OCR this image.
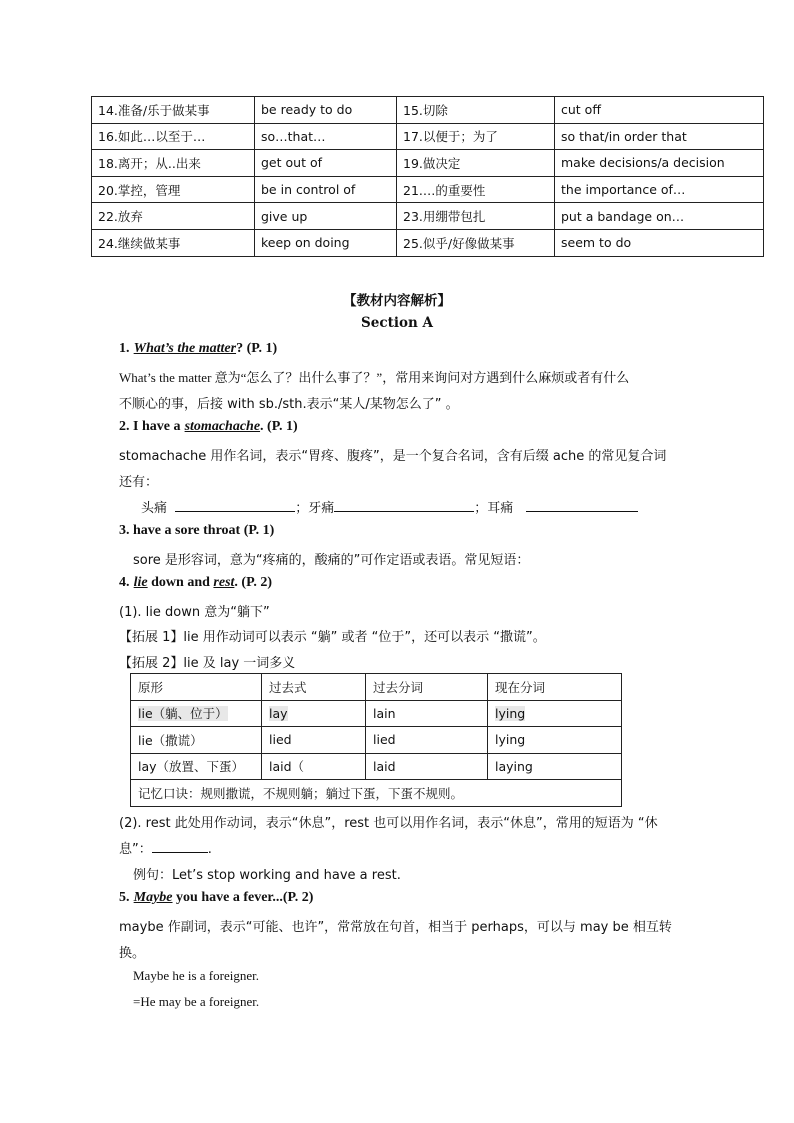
14.准备/乐于做某事	be ready to do	15.切除	cut off
16.如此…以至于…	so…that…	17.以便于；为了	so that/in order that
18.离开；从..出来	get out of	19.做决定	make decisions/a decision
20.掌控，管理	be in control of	21.…的重要性	the importance of…
22.放弃	give up	23.用绷带包扎	put a bandage on…
24.继续做某事	keep on doing	25.似乎/好像做某事	seem to do
【教材内容解析】
Section A
1. What’s the matter? (P. 1)
What’s the matter 意为“怎么了？出什么事了？”，常用来询问对方遇到什么麻烦或者有什么
不顺心的事，后接 with sb./sth.表示“某人/某物怎么了” 。
2. I have a stomachache. (P. 1)
stomachache 用作名词，表示“胃疼、腹疼”，是一个复合名词，含有后缀 ache 的常见复合词
还有：
头痛	；牙痛	；耳痛
3. have a sore throat (P. 1)
sore 是形容词，意为“疼痛的，酸痛的”可作定语或表语。常见短语：
4. lie down and rest. (P. 2)
(1). lie down 意为“躺下”
【拓展 1】lie 用作动词可以表示 “躺” 或者 “位于”，还可以表示 “撒谎”。
【拓展 2】lie 及 lay 一词多义
原形	过去式	过去分词	现在分词
lie（躺、位于）	lay	lain	lying
lie（撒谎）	lied	lied	lying
lay（放置、下蛋）	laid（	laid	laying
记忆口诀：规则撒谎，不规则躺；躺过下蛋，下蛋不规则。			
(2). rest 此处用作动词，表示“休息”，rest 也可以用作名词，表示“休息”，常用的短语为 “休
息”：	.
例句：Let’s stop working and have a rest.
5. Maybe you have a fever...(P. 2)
maybe 作副词，表示“可能、也许”，常常放在句首，相当于 perhaps，可以与 may be 相互转
换。
Maybe he is a foreigner.
=He may be a foreigner.
